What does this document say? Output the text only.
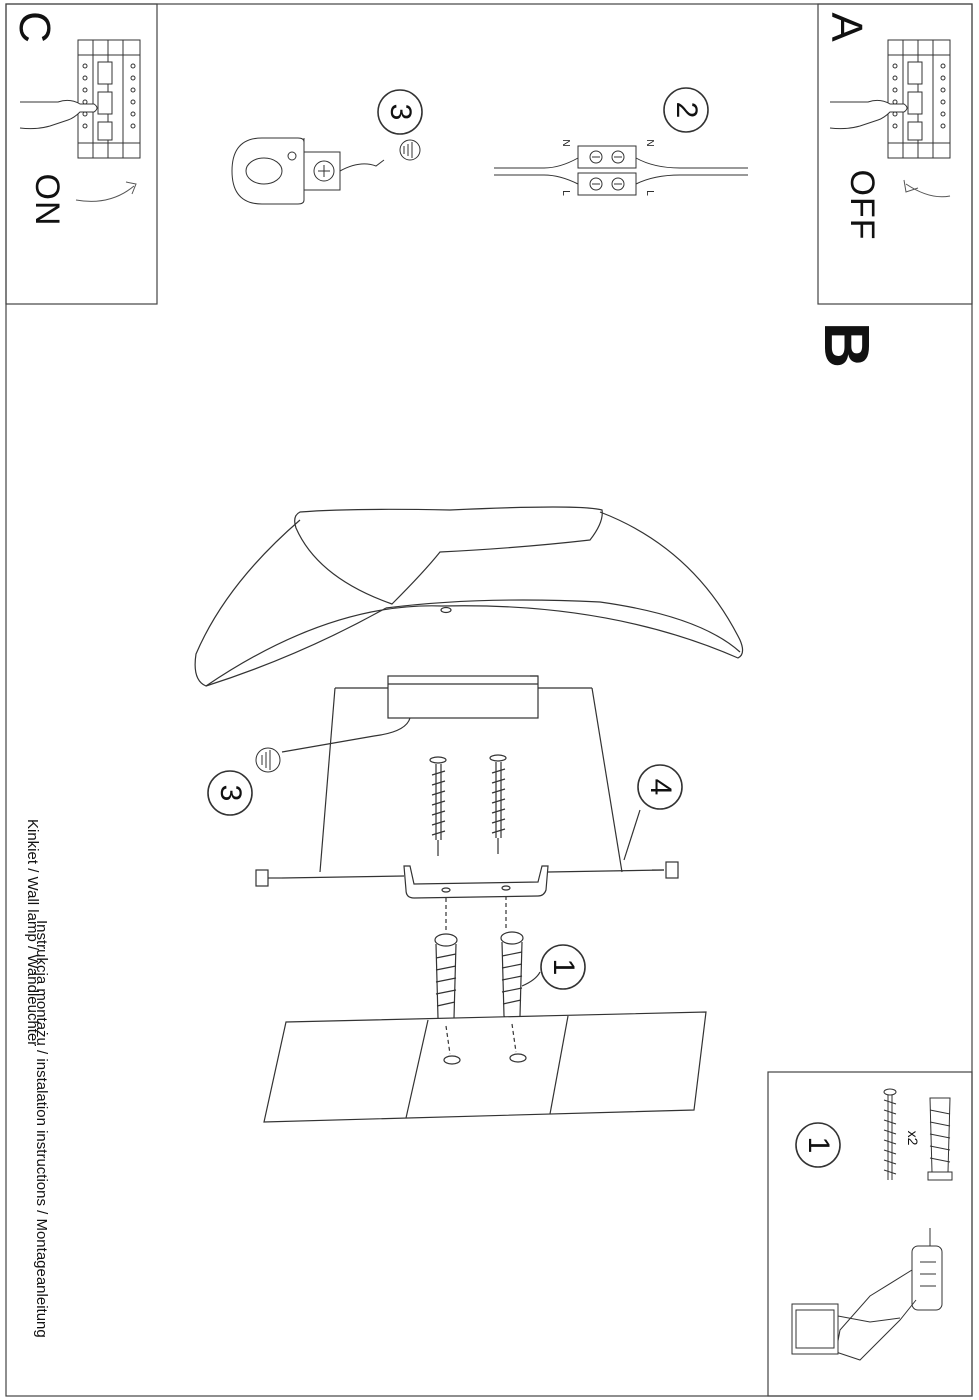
A
OFF
C
ON
B
2
3
3	4
1
1
N
L
N
L
x2
Instrukcja montażu / instalation instructions / Montageanleitung
Kinkiet / Wall lamp / Wandleuchter
